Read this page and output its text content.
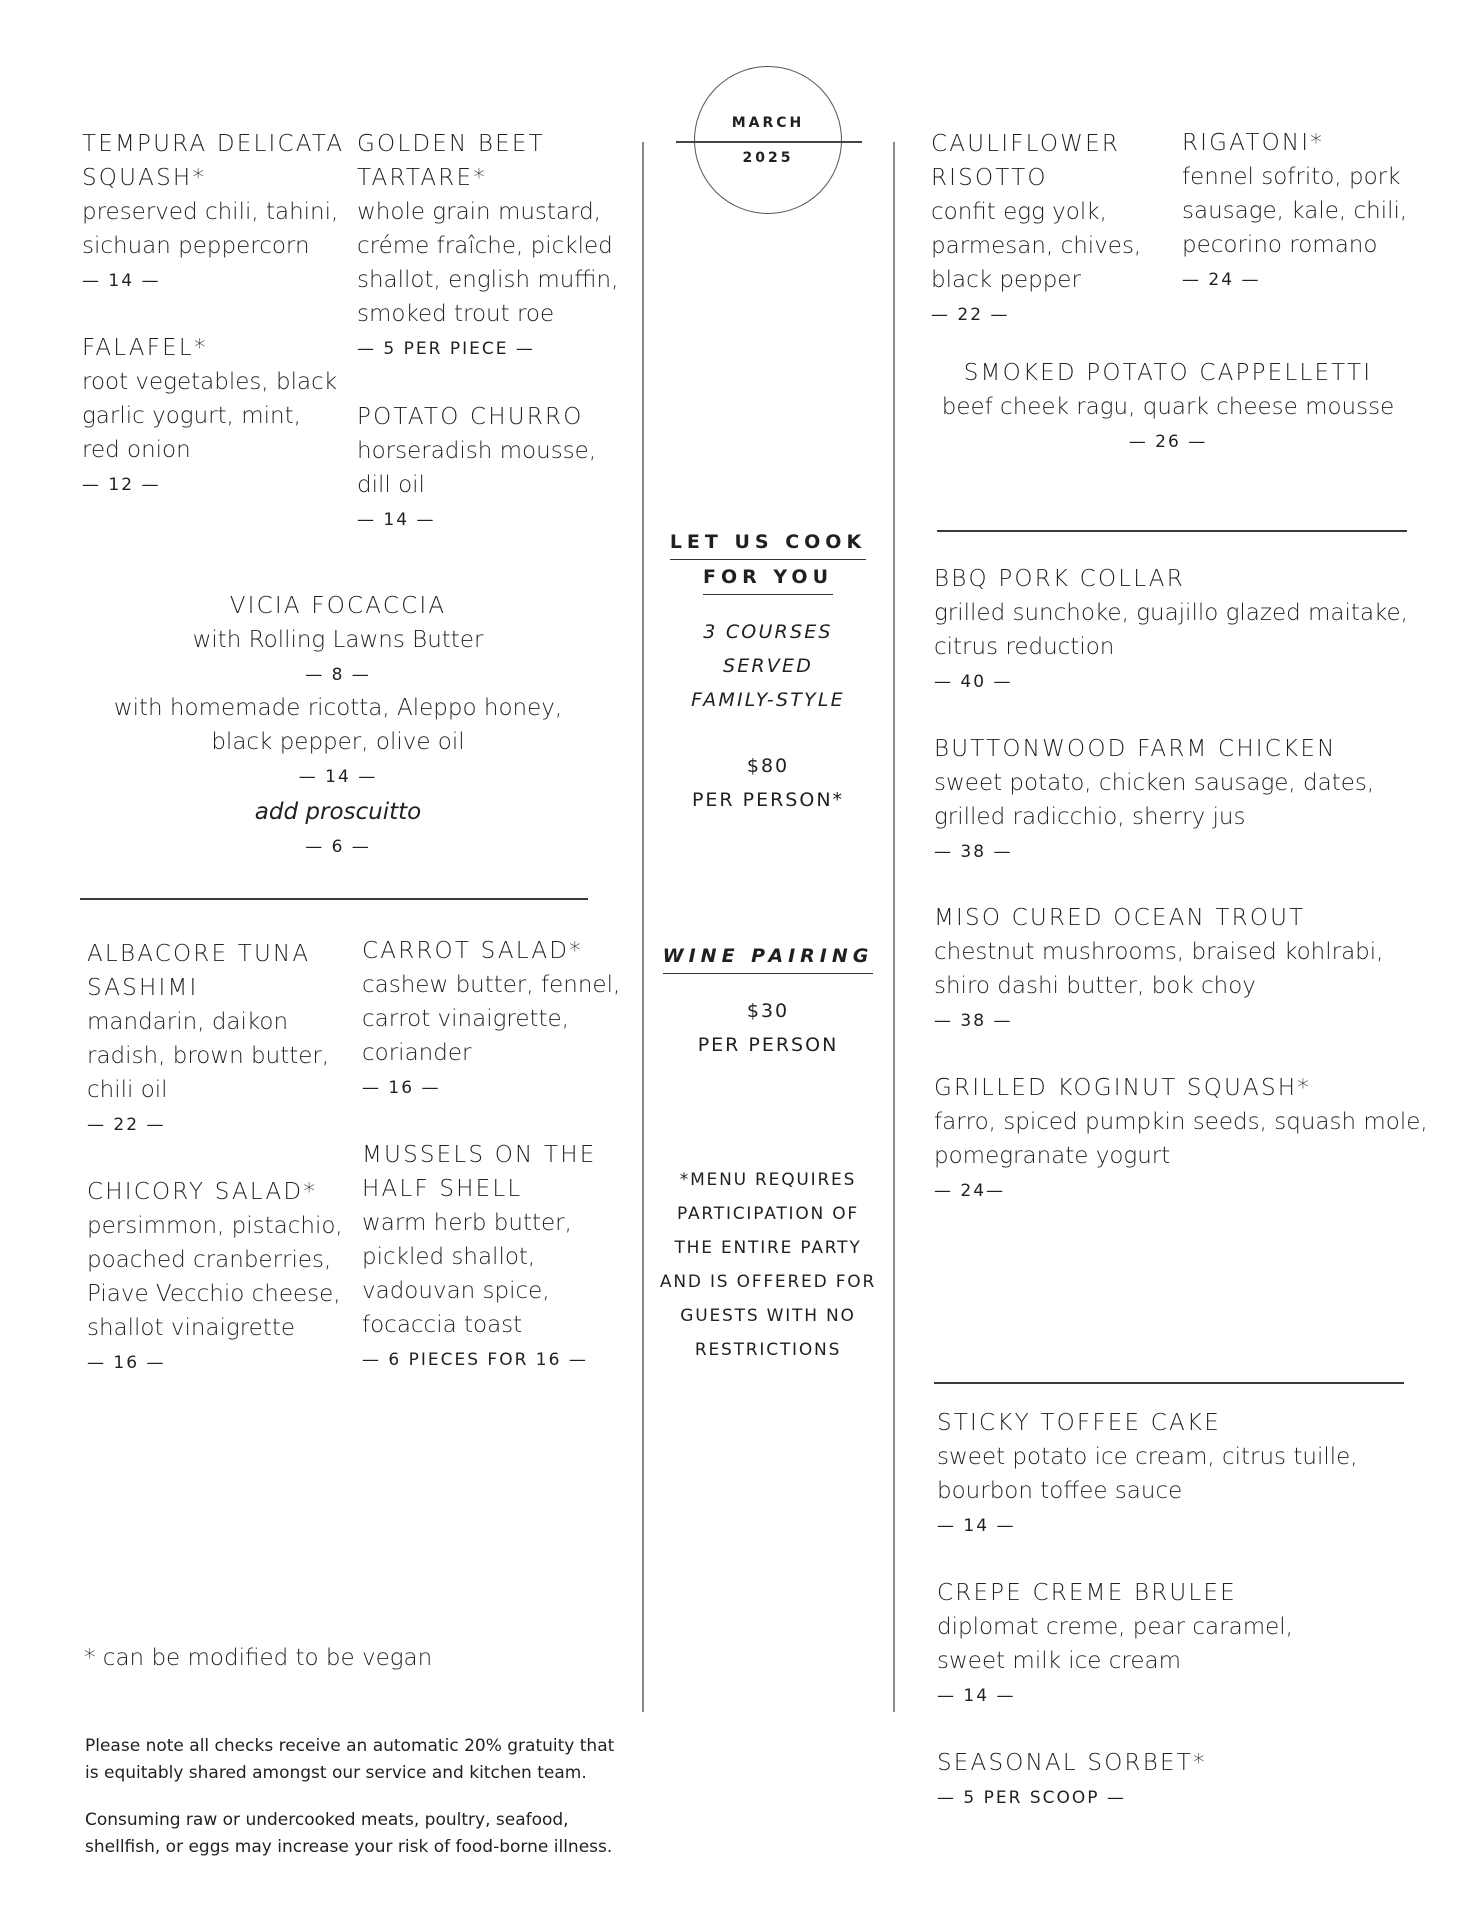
MARCH
2025
TEMPURA DELICATA
SQUASH*
preserved chili, tahini,
sichuan peppercorn
— 14 —
FALAFEL*
root vegetables, black
garlic yogurt, mint,
red onion
— 12 —
GOLDEN BEET
TARTARE*
whole grain mustard,
créme fraîche, pickled
shallot, english muffin,
smoked trout roe
— 5 PER PIECE —
POTATO CHURRO
horseradish mousse,
dill oil
— 14 —
VICIA FOCACCIA
with Rolling Lawns Butter
— 8 —
with homemade ricotta, Aleppo honey,
black pepper, olive oil
— 14 —
add proscuitto
— 6 —
ALBACORE TUNA
SASHIMI
mandarin, daikon
radish, brown butter,
chili oil
— 22 —
CHICORY SALAD*
persimmon, pistachio,
poached cranberries,
Piave Vecchio cheese,
shallot vinaigrette
— 16 —
CARROT SALAD*
cashew butter, fennel,
carrot vinaigrette,
coriander
— 16 —
MUSSELS ON THE
HALF SHELL
warm herb butter,
pickled shallot,
vadouvan spice,
focaccia toast
— 6 PIECES FOR 16 —
* can be modified to be vegan
Please note all checks receive an automatic 20% gratuity that
is equitably shared amongst our service and kitchen team.
Consuming raw or undercooked meats, poultry, seafood,
shellfish, or eggs may increase your risk of food-borne illness.
LET US COOK
FOR YOU
3 COURSES
SERVED
FAMILY-STYLE
$80
PER PERSON*
WINE PAIRING
$30
PER PERSON
*MENU REQUIRES
PARTICIPATION OF
THE ENTIRE PARTY
AND IS OFFERED FOR
GUESTS WITH NO
RESTRICTIONS
CAULIFLOWER
RISOTTO
confit egg yolk,
parmesan, chives,
black pepper
— 22 —
RIGATONI*
fennel sofrito, pork
sausage, kale, chili,
pecorino romano
— 24 —
SMOKED POTATO CAPPELLETTI
beef cheek ragu, quark cheese mousse
— 26 —
BBQ PORK COLLAR
grilled sunchoke, guajillo glazed maitake,
citrus reduction
— 40 —
BUTTONWOOD FARM CHICKEN
sweet potato, chicken sausage, dates,
grilled radicchio, sherry jus
— 38 —
MISO CURED OCEAN TROUT
chestnut mushrooms, braised kohlrabi,
shiro dashi butter, bok choy
— 38 —
GRILLED KOGINUT SQUASH*
farro, spiced pumpkin seeds, squash mole,
pomegranate yogurt
— 24—
STICKY TOFFEE CAKE
sweet potato ice cream, citrus tuille,
bourbon toffee sauce
— 14 —
CREPE CREME BRULEE
diplomat creme, pear caramel,
sweet milk ice cream
— 14 —
SEASONAL SORBET*
— 5 PER SCOOP —
